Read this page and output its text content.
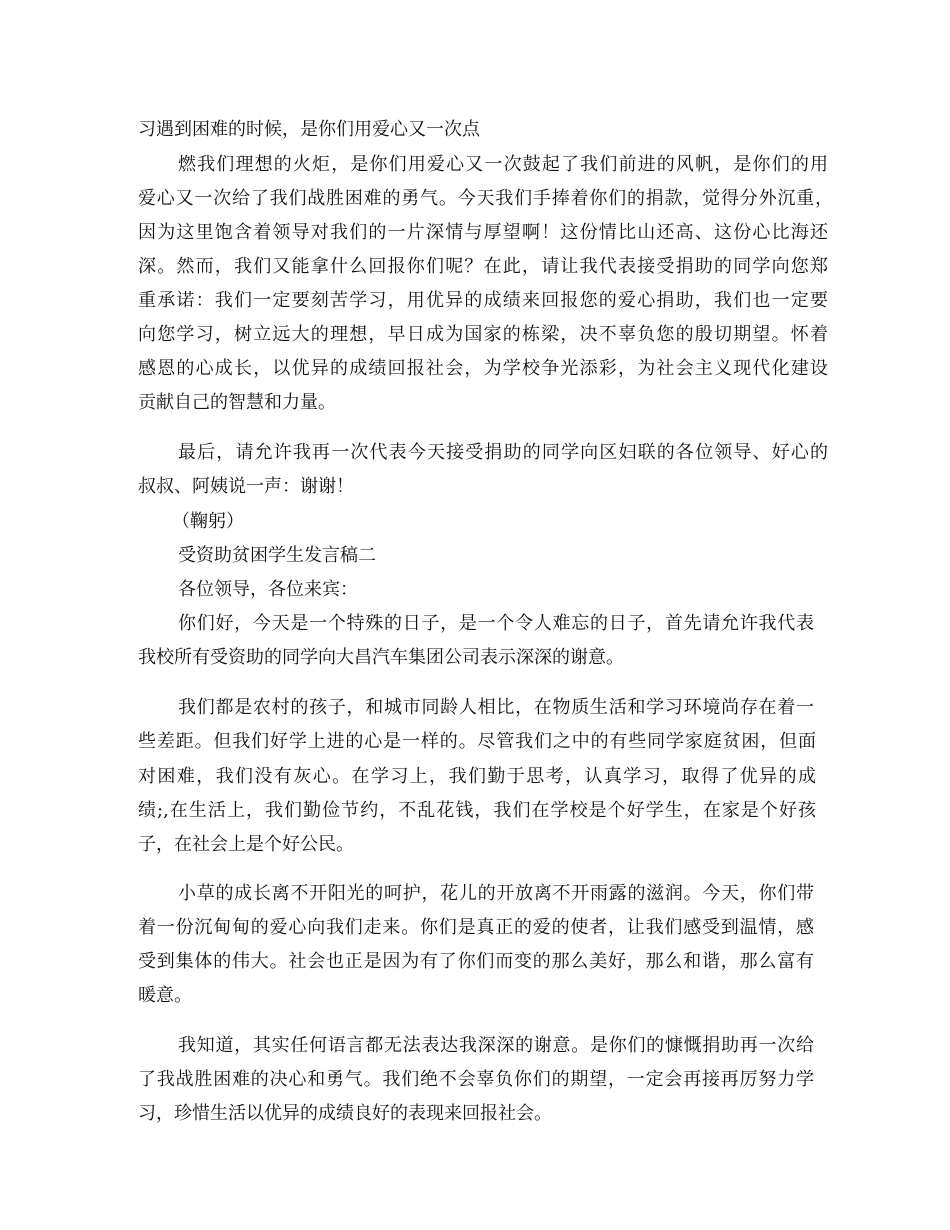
习遇到困难的时候，是你们用爱心又一次点
燃我们理想的火炬，是你们用爱心又一次鼓起了我们前进的风帆，是你们的用
爱心又一次给了我们战胜困难的勇气。今天我们手捧着你们的捐款，觉得分外沉重，
因为这里饱含着领导对我们的一片深情与厚望啊！这份情比山还高、这份心比海还
深。然而，我们又能拿什么回报你们呢？在此，请让我代表接受捐助的同学向您郑
重承诺：我们一定要刻苦学习，用优异的成绩来回报您的爱心捐助，我们也一定要
向您学习，树立远大的理想，早日成为国家的栋梁，决不辜负您的殷切期望。怀着
感恩的心成长，以优异的成绩回报社会，为学校争光添彩，为社会主义现代化建设
贡献自己的智慧和力量。
最后，请允许我再一次代表今天接受捐助的同学向区妇联的各位领导、好心的
叔叔、阿姨说一声：谢谢！
（鞠躬）
受资助贫困学生发言稿二
各位领导，各位来宾：
你们好，今天是一个特殊的日子，是一个令人难忘的日子，首先请允许我代表
我校所有受资助的同学向大昌汽车集团公司表示深深的谢意。
我们都是农村的孩子，和城市同龄人相比，在物质生活和学习环境尚存在着一
些差距。但我们好学上进的心是一样的。尽管我们之中的有些同学家庭贫困，但面
对困难，我们没有灰心。在学习上，我们勤于思考，认真学习，取得了优异的成
绩;,在生活上，我们勤俭节约，不乱花钱，我们在学校是个好学生，在家是个好孩
子，在社会上是个好公民。
小草的成长离不开阳光的呵护，花儿的开放离不开雨露的滋润。今天，你们带
着一份沉甸甸的爱心向我们走来。你们是真正的爱的使者，让我们感受到温情，感
受到集体的伟大。社会也正是因为有了你们而变的那么美好，那么和谐，那么富有
暖意。
我知道，其实任何语言都无法表达我深深的谢意。是你们的慷慨捐助再一次给
了我战胜困难的决心和勇气。我们绝不会辜负你们的期望，一定会再接再厉努力学
习，珍惜生活以优异的成绩良好的表现来回报社会。
